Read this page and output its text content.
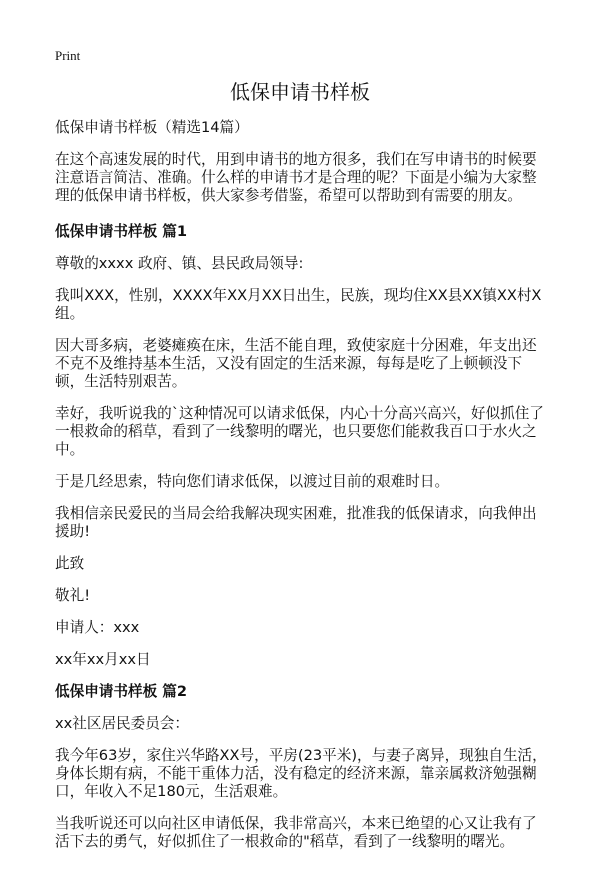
Print
低保申请书样板

低保申请书样板（精选14篇）

在这个高速发展的时代，用到申请书的地方很多，我们在写申请书的时候要注意语言简洁、准确。什么样的申请书才是合理的呢？下面是小编为大家整理的低保申请书样板，供大家参考借鉴，希望可以帮助到有需要的朋友。

低保申请书样板 篇1

尊敬的xxxx 政府、镇、县民政局领导:

我叫XXX，性别，XXXX年XX月XX日出生，民族，现均住XX县XX镇XX村X组。

因大哥多病，老婆瘫痪在床，生活不能自理，致使家庭十分困难，年支出还不克不及维持基本生活，又没有固定的生活来源，每每是吃了上顿顿没下顿，生活特别艰苦。

幸好，我听说我的`这种情况可以请求低保，内心十分高兴高兴，好似抓住了一根救命的稻草，看到了一线黎明的曙光，也只要您们能救我百口于水火之中。

于是几经思索，特向您们请求低保，以渡过目前的艰难时日。

我相信亲民爱民的当局会给我解决现实困难，批准我的低保请求，向我伸出援助!

此致

敬礼!

申请人：xxx

xx年xx月xx日

低保申请书样板 篇2

xx社区居民委员会：

我今年63岁，家住兴华路XX号，平房(23平米)，与妻子离异，现独自生活，身体长期有病，不能干重体力活，没有稳定的经济来源，靠亲属救济勉强糊口，年收入不足180元，生活艰难。

当我听说还可以向社区申请低保，我非常高兴，本来已绝望的心又让我有了活下去的勇气，好似抓住了一根救命的"稻草，看到了一线黎明的曙光。
